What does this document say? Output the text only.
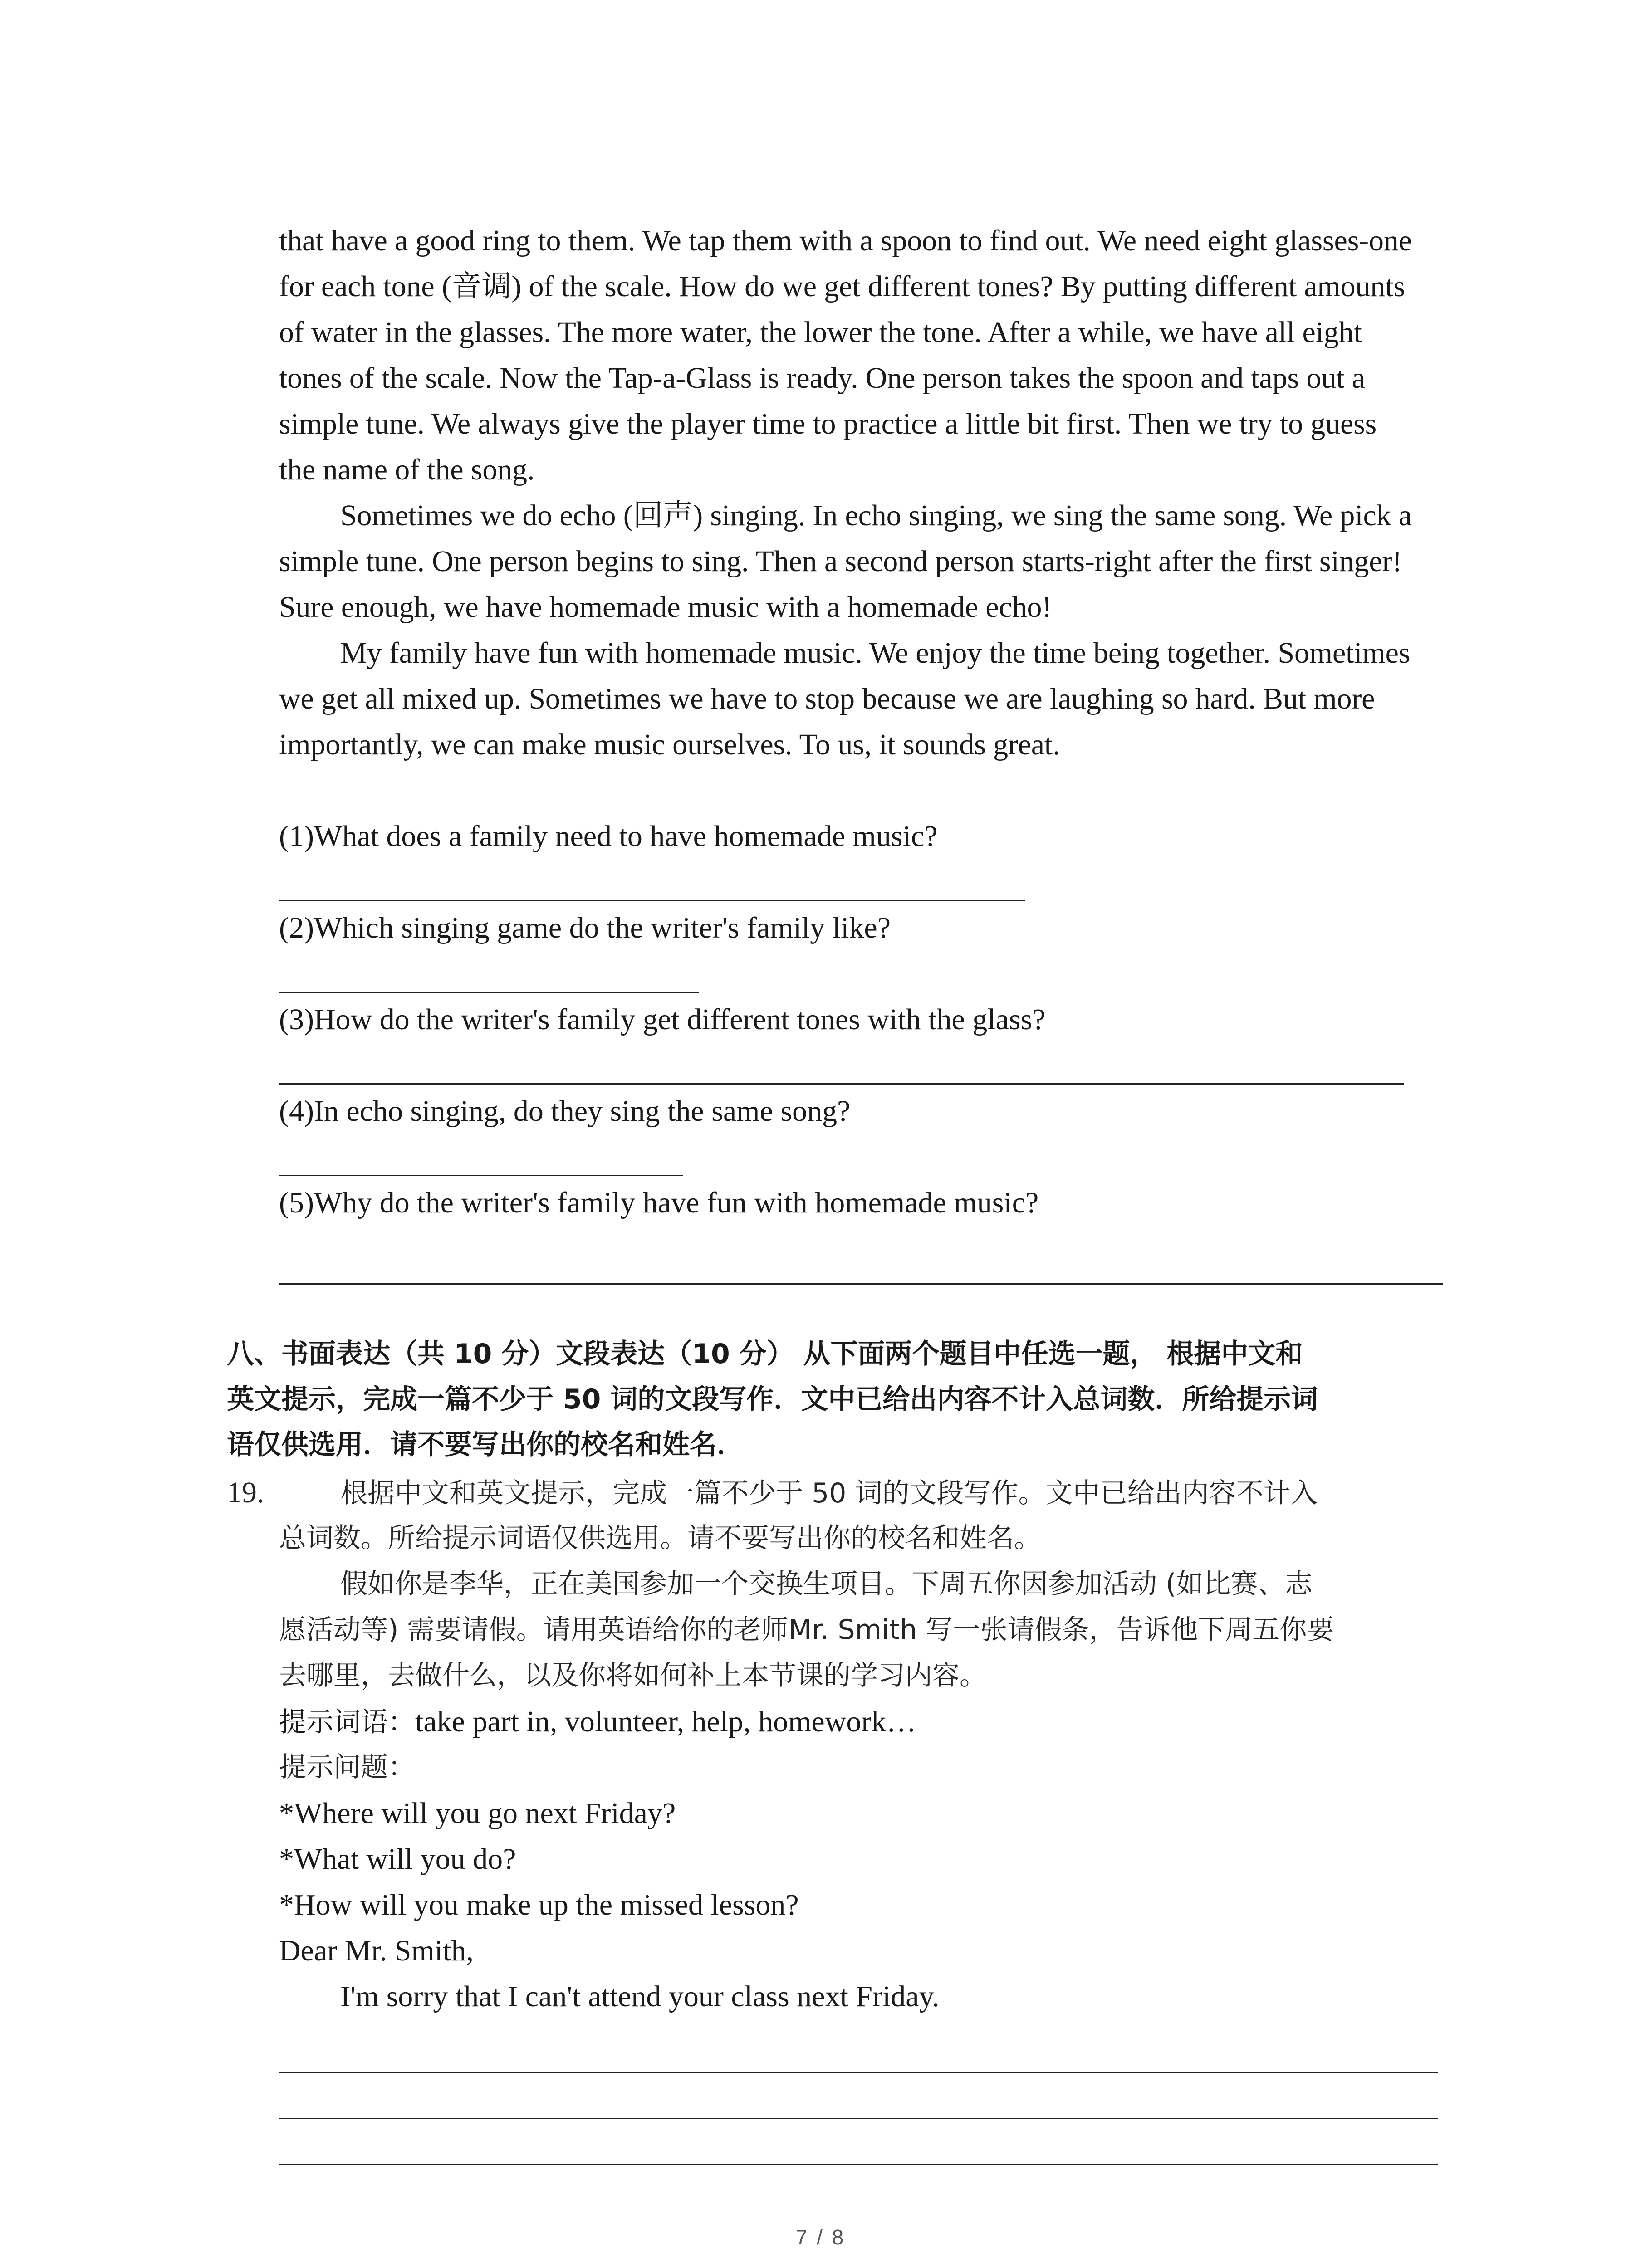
that have a good ring to them. We tap them with a spoon to find out. We need eight glasses-one
for each tone (音调) of the scale. How do we get different tones? By putting different amounts
of water in the glasses. The more water, the lower the tone. After a while, we have all eight
tones of the scale. Now the Tap-a-Glass is ready. One person takes the spoon and taps out a
simple tune. We always give the player time to practice a little bit first. Then we try to guess
the name of the song.
Sometimes we do echo (回声) singing. In echo singing, we sing the same song. We pick a
simple tune. One person begins to sing. Then a second person starts-right after the first singer!
Sure enough, we have homemade music with a homemade echo!
My family have fun with homemade music. We enjoy the time being together. Sometimes
we get all mixed up. Sometimes we have to stop because we are laughing so hard. But more
importantly, we can make music ourselves. To us, it sounds great.
(1)What does a family need to have homemade music?
(2)Which singing game do the writer's family like?
(3)How do the writer's family get different tones with the glass?
(4)In echo singing, do they sing the same song?
(5)Why do the writer's family have fun with homemade music?
八、书面表达（共 10 分）文段表达（10 分） 从下面两个题目中任选一题， 根据中文和
英文提示，完成一篇不少于 50 词的文段写作．文中已给出内容不计入总词数．所给提示词
语仅供选用．请不要写出你的校名和姓名．
19.	根据中文和英文提示，完成一篇不少于 50 词的文段写作。文中已给出内容不计入
总词数。所给提示词语仅供选用。请不要写出你的校名和姓名。
假如你是李华，正在美国参加一个交换生项目。下周五你因参加活动 (如比赛、志
愿活动等) 需要请假。请用英语给你的老师Mr. Smith 写一张请假条，告诉他下周五你要
去哪里，去做什么，以及你将如何补上本节课的学习内容。
提示词语：take part in, volunteer, help, homework…
提示问题：
*Where will you go next Friday?
*What will you do?
*How will you make up the missed lesson?
Dear Mr. Smith,
I'm sorry that I can't attend your class next Friday.
7 / 8
